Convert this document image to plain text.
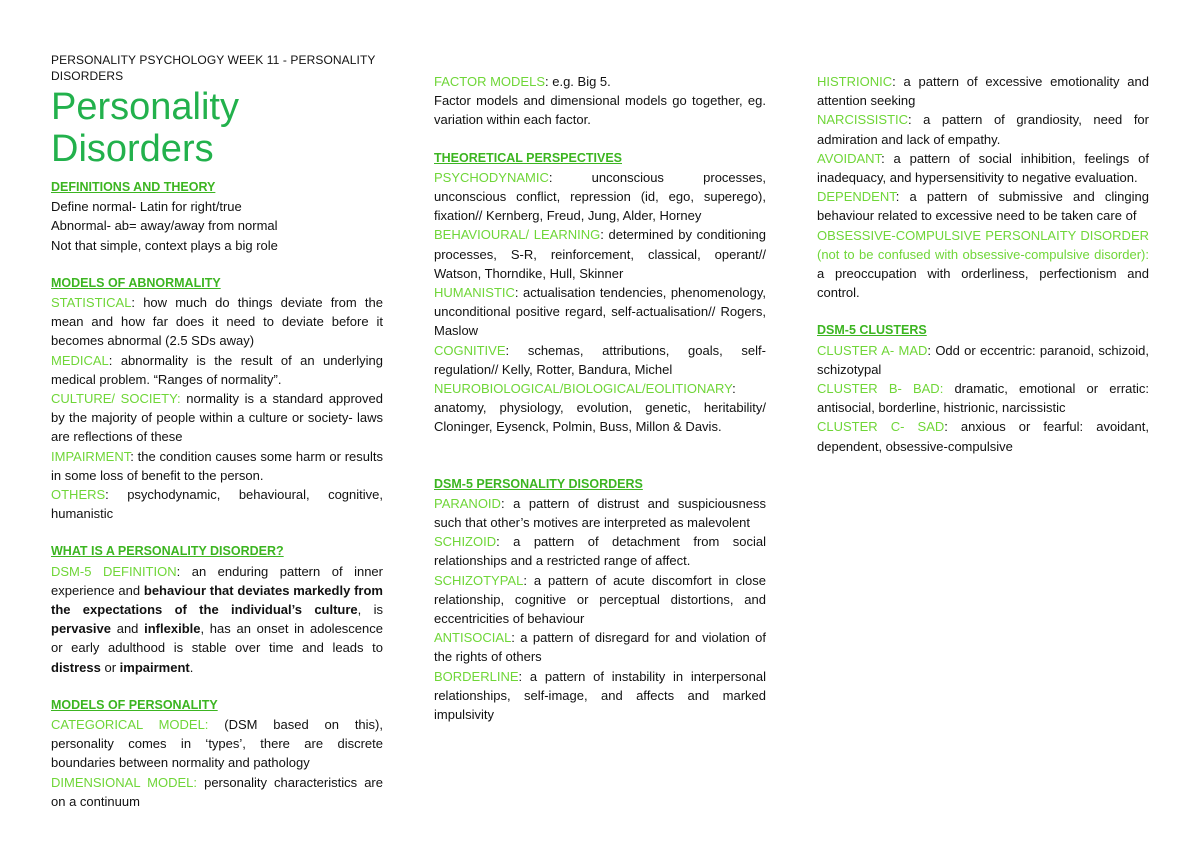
PERSONALITY PSYCHOLOGY WEEK 11 - PERSONALITY DISORDERS
Personality
Disorders
DEFINITIONS AND THEORY
Define normal- Latin for right/true
Abnormal- ab= away/away from normal
Not that simple, context plays a big role
MODELS OF ABNORMALITY
STATISTICAL: how much do things deviate from the mean and how far does it need to deviate before it becomes abnormal (2.5 SDs away)
MEDICAL: abnormality is the result of an underlying medical problem. “Ranges of normality”.
CULTURE/ SOCIETY: normality is a standard approved by the majority of people within a culture or society- laws are reflections of these
IMPAIRMENT: the condition causes some harm or results in some loss of benefit to the person.
OTHERS: psychodynamic, behavioural, cognitive, humanistic
WHAT IS A PERSONALITY DISORDER?
DSM-5 DEFINITION: an enduring pattern of inner experience and behaviour that deviates markedly from the expectations of the individual’s culture, is pervasive and inflexible, has an onset in adolescence or early adulthood is stable over time and leads to distress or impairment.
MODELS OF PERSONALITY
CATEGORICAL MODEL: (DSM based on this), personality comes in ‘types’, there are discrete boundaries between normality and pathology
DIMENSIONAL MODEL: personality characteristics are on a continuum
FACTOR MODELS: e.g. Big 5.
Factor models and dimensional models go together, eg. variation within each factor.
THEORETICAL PERSPECTIVES
PSYCHODYNAMIC: unconscious processes, unconscious conflict, repression (id, ego, superego), fixation// Kernberg, Freud, Jung, Alder, Horney
BEHAVIOURAL/ LEARNING: determined by conditioning processes, S-R, reinforcement, classical, operant// Watson, Thorndike, Hull, Skinner
HUMANISTIC: actualisation tendencies, phenomenology, unconditional positive regard, self-actualisation// Rogers, Maslow
COGNITIVE: schemas, attributions, goals, self-regulation// Kelly, Rotter, Bandura, Michel
NEUROBIOLOGICAL/BIOLOGICAL/EOLITIONARY: anatomy, physiology, evolution, genetic, heritability/ Cloninger, Eysenck, Polmin, Buss, Millon & Davis.
DSM-5 PERSONALITY DISORDERS
PARANOID: a pattern of distrust and suspiciousness such that other’s motives are interpreted as malevolent
SCHIZOID: a pattern of detachment from social relationships and a restricted range of affect.
SCHIZOTYPAL: a pattern of acute discomfort in close relationship, cognitive or perceptual distortions, and eccentricities of behaviour
ANTISOCIAL: a pattern of disregard for and violation of the rights of others
BORDERLINE: a pattern of instability in interpersonal relationships, self-image, and affects and marked impulsivity
HISTRIONIC: a pattern of excessive emotionality and attention seeking
NARCISSISTIC: a pattern of grandiosity, need for admiration and lack of empathy.
AVOIDANT: a pattern of social inhibition, feelings of inadequacy, and hypersensitivity to negative evaluation.
DEPENDENT: a pattern of submissive and clinging behaviour related to excessive need to be taken care of
OBSESSIVE-COMPULSIVE PERSONLAITY DISORDER (not to be confused with obsessive-compulsive disorder): a preoccupation with orderliness, perfectionism and control.
DSM-5 CLUSTERS
CLUSTER A- MAD: Odd or eccentric: paranoid, schizoid, schizotypal
CLUSTER B- BAD: dramatic, emotional or erratic: antisocial, borderline, histrionic, narcissistic
CLUSTER C- SAD: anxious or fearful: avoidant, dependent, obsessive-compulsive
